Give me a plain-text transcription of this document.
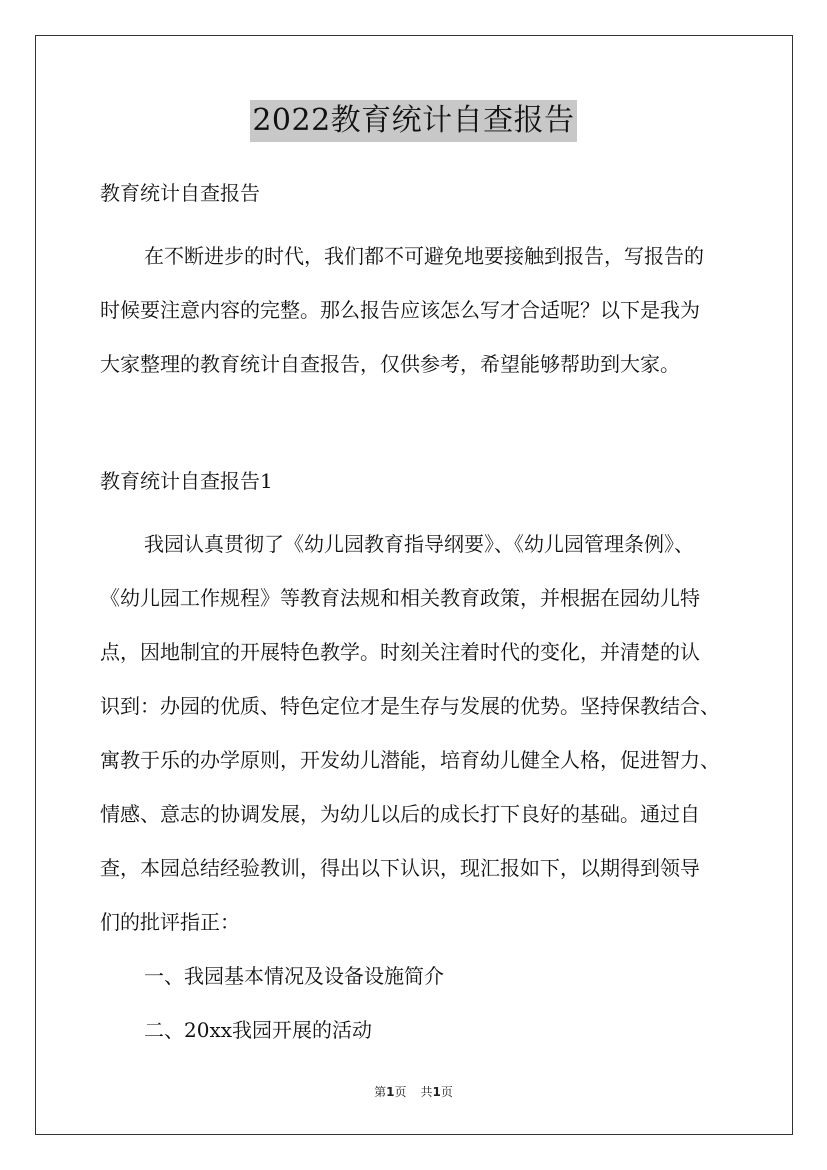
2022教育统计自查报告

教育统计自查报告

在不断进步的时代，我们都不可避免地要接触到报告，写报告的
时候要注意内容的完整。那么报告应该怎么写才合适呢？以下是我为
大家整理的教育统计自查报告，仅供参考，希望能够帮助到大家。

教育统计自查报告1

我园认真贯彻了《幼儿园教育指导纲要》、《幼儿园管理条例》、
《幼儿园工作规程》等教育法规和相关教育政策，并根据在园幼儿特
点，因地制宜的开展特色教学。时刻关注着时代的变化，并清楚的认
识到：办园的优质、特色定位才是生存与发展的优势。坚持保教结合、
寓教于乐的办学原则，开发幼儿潜能，培育幼儿健全人格，促进智力、
情感、意志的协调发展，为幼儿以后的成长打下良好的基础。通过自
查，本园总结经验教训，得出以下认识，现汇报如下，以期得到领导
们的批评指正：
一、我园基本情况及设备设施简介
二、20xx我园开展的活动
第1页 共1页
